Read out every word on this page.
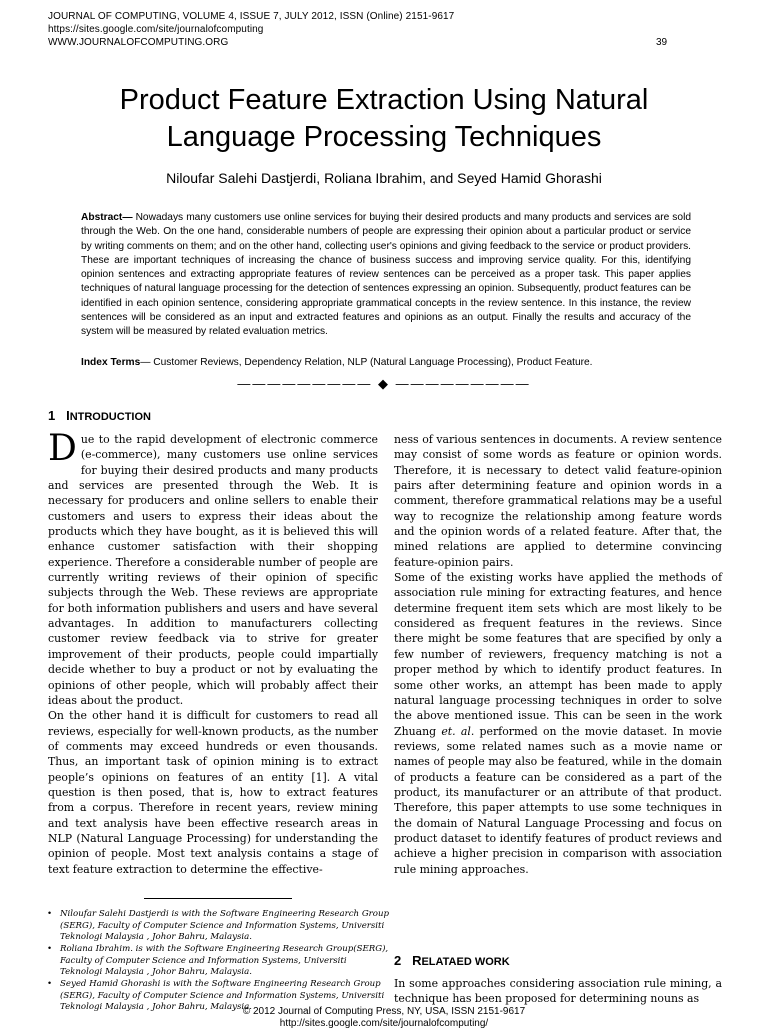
JOURNAL OF COMPUTING, VOLUME 4, ISSUE 7, JULY 2012, ISSN (Online) 2151-9617
https://sites.google.com/site/journalofcomputing
WWW.JOURNALOFCOMPUTING.ORG	39
Product Feature Extraction Using Natural
Language Processing Techniques
Niloufar Salehi Dastjerdi, Roliana Ibrahim, and Seyed Hamid Ghorashi
Abstract— Nowadays many customers use online services for buying their desired products and many products and services are sold through the Web. On the one hand, considerable numbers of people are expressing their opinion about a particular product or service by writing comments on them; and on the other hand, collecting user's opinions and giving feedback to the service or product providers. These are important techniques of increasing the chance of business success and improving service quality. For this, identifying opinion sentences and extracting appropriate features of review sentences can be perceived as a proper task. This paper applies techniques of natural language processing for the detection of sentences expressing an opinion. Subsequently, product features can be identified in each opinion sentence, considering appropriate grammatical concepts in the review sentence. In this instance, the review sentences will be considered as an input and extracted features and opinions as an output. Finally the results and accuracy of the system will be measured by related evaluation metrics.
Index Terms— Customer Reviews, Dependency Relation, NLP (Natural Language Processing), Product Feature.
————————— ◆ —————————
1 INTRODUCTION

Due to the rapid development of electronic commerce (e-commerce), many customers use online services for buying their desired products and many products and services are presented through the Web. It is necessary for producers and online sellers to enable their customers and users to express their ideas about the products which they have bought, as it is believed this will enhance customer satisfaction with their shopping experience. Therefore a considerable number of people are currently writing reviews of their opinion of specific subjects through the Web. These reviews are appropriate for both information publishers and users and have several advantages. In addition to manufacturers collecting customer review feedback via to strive for greater improvement of their products, people could impartially decide whether to buy a product or not by evaluating the opinions of other people, which will probably affect their ideas about the product.

On the other hand it is difficult for customers to read all reviews, especially for well-known products, as the number of comments may exceed hundreds or even thousands. Thus, an important task of opinion mining is to extract people’s opinions on features of an entity [1]. A vital question is then posed, that is, how to extract features from a corpus. Therefore in recent years, review mining and text analysis have been effective research areas in NLP (Natural Language Processing) for understanding the opinion of people. Most text analysis contains a stage of text feature extraction to determine the effective-

ness of various sentences in documents. A review sentence may consist of some words as feature or opinion words. Therefore, it is necessary to detect valid feature-opinion pairs after determining feature and opinion words in a comment, therefore grammatical relations may be a useful way to recognize the relationship among feature words and the opinion words of a related feature. After that, the mined relations are applied to determine convincing feature-opinion pairs.

Some of the existing works have applied the methods of association rule mining for extracting features, and hence determine frequent item sets which are most likely to be considered as frequent features in the reviews. Since there might be some features that are specified by only a few number of reviewers, frequency matching is not a proper method by which to identify product features. In some other works, an attempt has been made to apply natural language processing techniques in order to solve the above mentioned issue. This can be seen in the work Zhuang et. al. performed on the movie dataset. In movie reviews, some related names such as a movie name or names of people may also be featured, while in the domain of products a feature can be considered as a part of the product, its manufacturer or an attribute of that product. Therefore, this paper attempts to use some techniques in the domain of Natural Language Processing and focus on product dataset to identify features of product reviews and achieve a higher precision in comparison with association rule mining approaches.

2 RELATAED WORK
In some approaches considering association rule mining, a technique has been proposed for determining nouns as
• Niloufar Salehi Dastjerdi is with the Software Engineering Research Group (SERG), Faculty of Computer Science and Information Systems, Universiti Teknologi Malaysia , Johor Bahru, Malaysia.
• Roliana Ibrahim. is with the Software Engineering Research Group(SERG), Faculty of Computer Science and Information Systems, Universiti Teknologi Malaysia , Johor Bahru, Malaysia.
• Seyed Hamid Ghorashi is with the Software Engineering Research Group (SERG), Faculty of Computer Science and Information Systems, Universiti Teknologi Malaysia , Johor Bahru, Malaysia.
© 2012 Journal of Computing Press, NY, USA, ISSN 2151-9617
http://sites.google.com/site/journalofcomputing/
